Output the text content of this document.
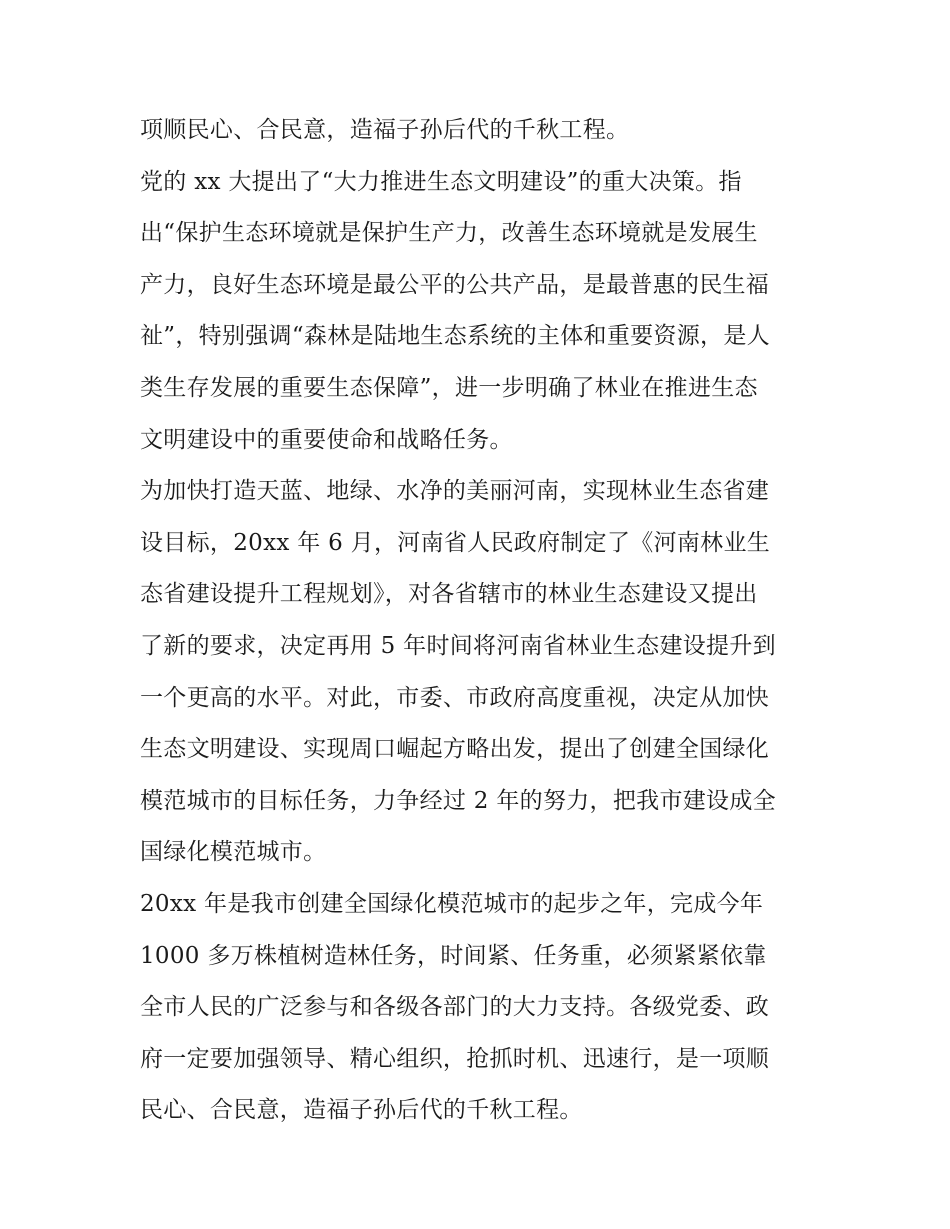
项顺民心、合民意，造福子孙后代的千秋工程。
党的 xx 大提出了“大力推进生态文明建设”的重大决策。指
出“保护生态环境就是保护生产力，改善生态环境就是发展生
产力，良好生态环境是最公平的公共产品，是最普惠的民生福
祉”，特别强调“森林是陆地生态系统的主体和重要资源，是人
类生存发展的重要生态保障”，进一步明确了林业在推进生态
文明建设中的重要使命和战略任务。
为加快打造天蓝、地绿、水净的美丽河南，实现林业生态省建
设目标，20xx 年 6 月，河南省人民政府制定了《河南林业生
态省建设提升工程规划》，对各省辖市的林业生态建设又提出
了新的要求，决定再用 5 年时间将河南省林业生态建设提升到
一个更高的水平。对此，市委、市政府高度重视，决定从加快
生态文明建设、实现周口崛起方略出发，提出了创建全国绿化
模范城市的目标任务，力争经过 2 年的努力，把我市建设成全
国绿化模范城市。
20xx 年是我市创建全国绿化模范城市的起步之年，完成今年
1000 多万株植树造林任务，时间紧、任务重，必须紧紧依靠
全市人民的广泛参与和各级各部门的大力支持。各级党委、政
府一定要加强领导、精心组织，抢抓时机、迅速行，是一项顺
民心、合民意，造福子孙后代的千秋工程。
